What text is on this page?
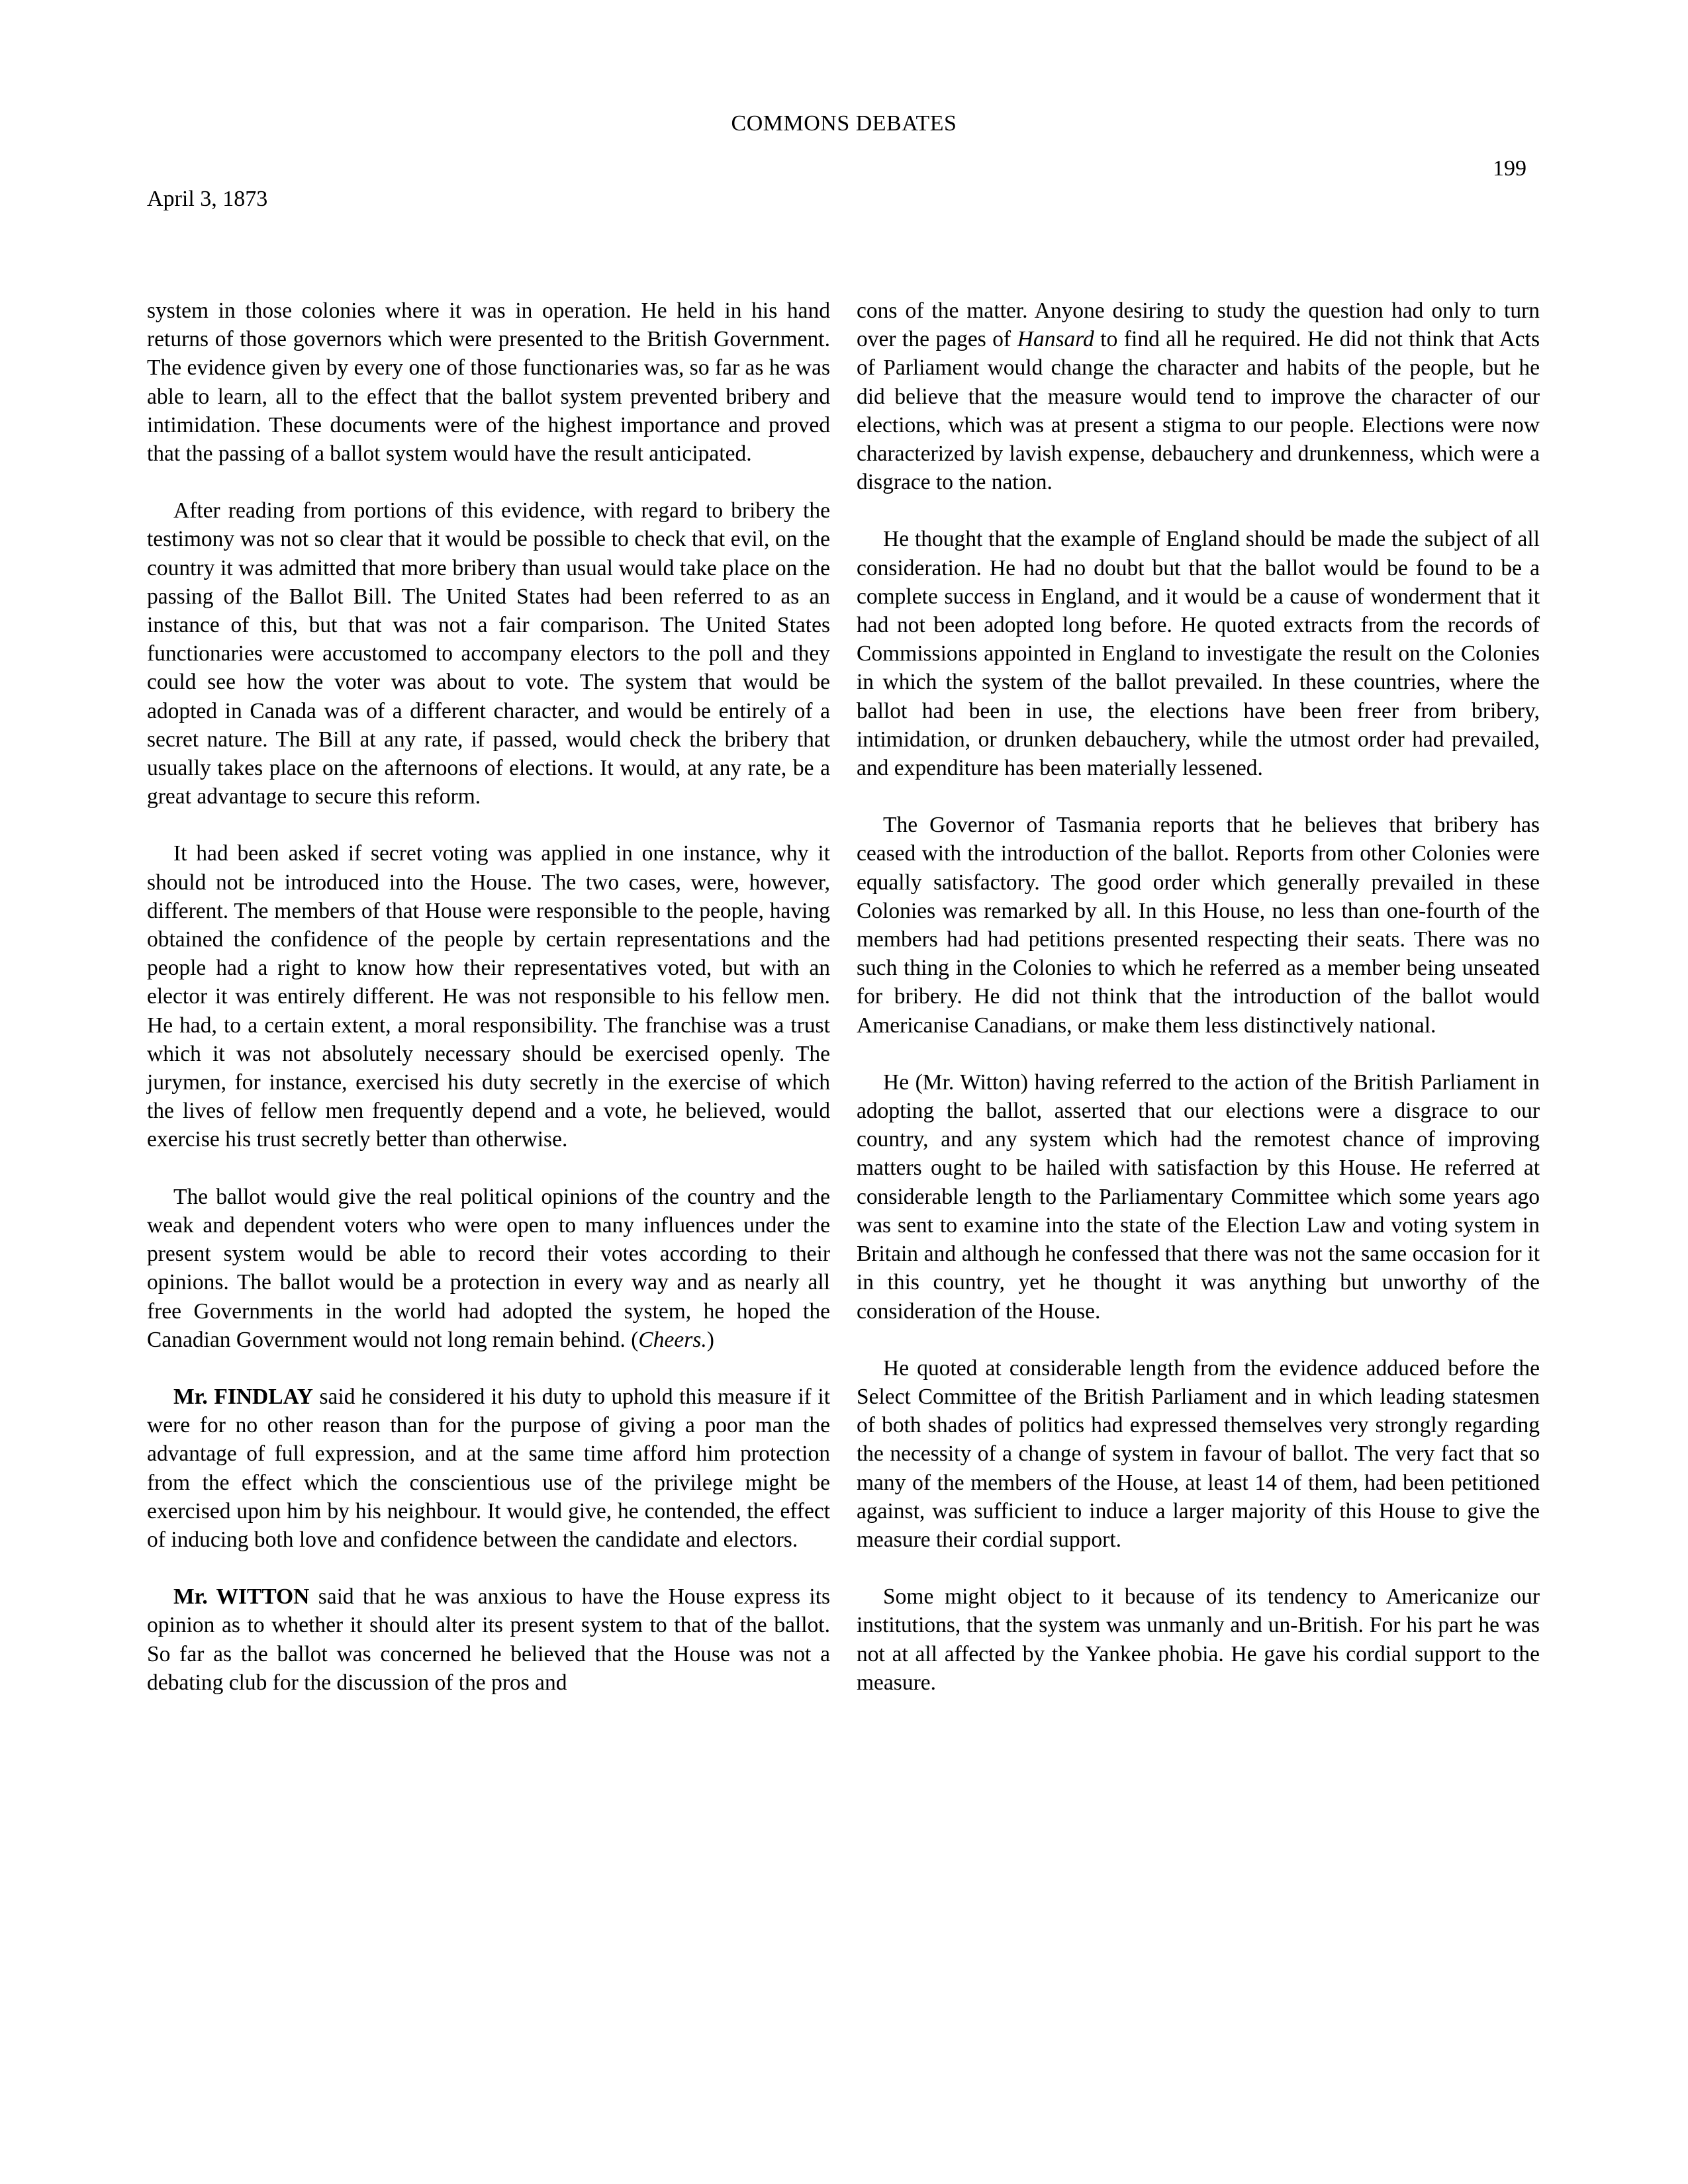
COMMONS DEBATES
199
April 3, 1873

system in those colonies where it was in operation. He held in his hand returns of those governors which were presented to the British Government. The evidence given by every one of those functionaries was, so far as he was able to learn, all to the effect that the ballot system prevented bribery and intimidation. These documents were of the highest importance and proved that the passing of a ballot system would have the result anticipated.

After reading from portions of this evidence, with regard to bribery the testimony was not so clear that it would be possible to check that evil, on the country it was admitted that more bribery than usual would take place on the passing of the Ballot Bill. The United States had been referred to as an instance of this, but that was not a fair comparison. The United States functionaries were accustomed to accompany electors to the poll and they could see how the voter was about to vote. The system that would be adopted in Canada was of a different character, and would be entirely of a secret nature. The Bill at any rate, if passed, would check the bribery that usually takes place on the afternoons of elections. It would, at any rate, be a great advantage to secure this reform.

It had been asked if secret voting was applied in one instance, why it should not be introduced into the House. The two cases, were, however, different. The members of that House were responsible to the people, having obtained the confidence of the people by certain representations and the people had a right to know how their representatives voted, but with an elector it was entirely different. He was not responsible to his fellow men. He had, to a certain extent, a moral responsibility. The franchise was a trust which it was not absolutely necessary should be exercised openly. The jurymen, for instance, exercised his duty secretly in the exercise of which the lives of fellow men frequently depend and a vote, he believed, would exercise his trust secretly better than otherwise.

The ballot would give the real political opinions of the country and the weak and dependent voters who were open to many influences under the present system would be able to record their votes according to their opinions. The ballot would be a protection in every way and as nearly all free Governments in the world had adopted the system, he hoped the Canadian Government would not long remain behind. (Cheers.)

Mr. FINDLAY said he considered it his duty to uphold this measure if it were for no other reason than for the purpose of giving a poor man the advantage of full expression, and at the same time afford him protection from the effect which the conscientious use of the privilege might be exercised upon him by his neighbour. It would give, he contended, the effect of inducing both love and confidence between the candidate and electors.

Mr. WITTON said that he was anxious to have the House express its opinion as to whether it should alter its present system to that of the ballot. So far as the ballot was concerned he believed that the House was not a debating club for the discussion of the pros and

cons of the matter. Anyone desiring to study the question had only to turn over the pages of Hansard to find all he required. He did not think that Acts of Parliament would change the character and habits of the people, but he did believe that the measure would tend to improve the character of our elections, which was at present a stigma to our people. Elections were now characterized by lavish expense, debauchery and drunkenness, which were a disgrace to the nation.

He thought that the example of England should be made the subject of all consideration. He had no doubt but that the ballot would be found to be a complete success in England, and it would be a cause of wonderment that it had not been adopted long before. He quoted extracts from the records of Commissions appointed in England to investigate the result on the Colonies in which the system of the ballot prevailed. In these countries, where the ballot had been in use, the elections have been freer from bribery, intimidation, or drunken debauchery, while the utmost order had prevailed, and expenditure has been materially lessened.

The Governor of Tasmania reports that he believes that bribery has ceased with the introduction of the ballot. Reports from other Colonies were equally satisfactory. The good order which generally prevailed in these Colonies was remarked by all. In this House, no less than one-fourth of the members had had petitions presented respecting their seats. There was no such thing in the Colonies to which he referred as a member being unseated for bribery. He did not think that the introduction of the ballot would Americanise Canadians, or make them less distinctively national.

He (Mr. Witton) having referred to the action of the British Parliament in adopting the ballot, asserted that our elections were a disgrace to our country, and any system which had the remotest chance of improving matters ought to be hailed with satisfaction by this House. He referred at considerable length to the Parliamentary Committee which some years ago was sent to examine into the state of the Election Law and voting system in Britain and although he confessed that there was not the same occasion for it in this country, yet he thought it was anything but unworthy of the consideration of the House.

He quoted at considerable length from the evidence adduced before the Select Committee of the British Parliament and in which leading statesmen of both shades of politics had expressed themselves very strongly regarding the necessity of a change of system in favour of ballot. The very fact that so many of the members of the House, at least 14 of them, had been petitioned against, was sufficient to induce a larger majority of this House to give the measure their cordial support.

Some might object to it because of its tendency to Americanize our institutions, that the system was unmanly and un-British. For his part he was not at all affected by the Yankee phobia. He gave his cordial support to the measure.
